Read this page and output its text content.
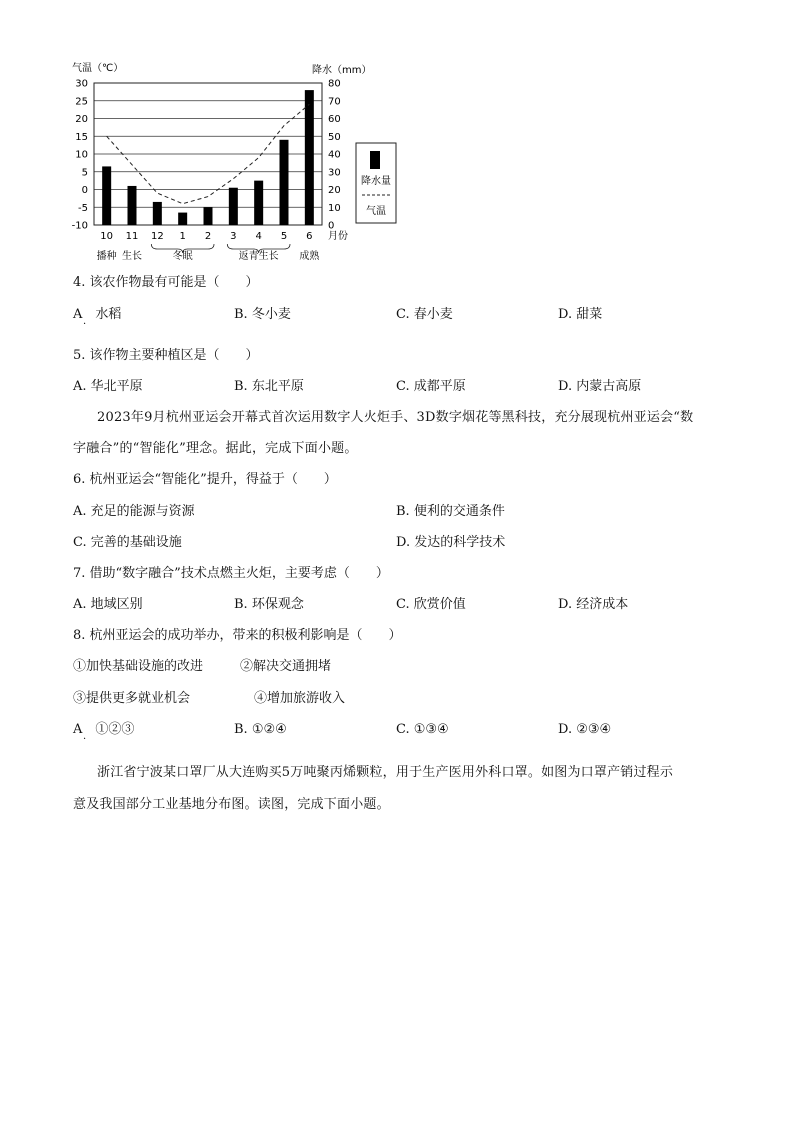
气温（℃）	降水（mm）
30
25
20
15
10
5
0
-5
-10
80
70
60
50
40
30
20
10
0
10 11 12 1 2 3 4 5 6 月份
播种 生长	冬眠	返青生长 成熟
降水量
气温
4. 该农作物最有可能是（　　）
A　水稻
·
B. 冬小麦	C. 春小麦	D. 甜菜
5. 该作物主要种植区是（　　）
A. 华北平原	B. 东北平原	C. 成都平原	D. 内蒙古高原
2023年9月杭州亚运会开幕式首次运用数字人火炬手、3D数字烟花等黑科技，充分展现杭州亚运会“数
字融合”的“智能化”理念。据此，完成下面小题。
6. 杭州亚运会“智能化”提升，得益于（　　）
A. 充足的能源与资源	B. 便利的交通条件
C. 完善的基础设施	D. 发达的科学技术
7. 借助“数字融合”技术点燃主火炬，主要考虑（　　）
A. 地域区别	B. 环保观念	C. 欣赏价值	D. 经济成本
8. 杭州亚运会的成功举办，带来的积极利影响是（　　）
①加快基础设施的改进	②解决交通拥堵
③提供更多就业机会	④增加旅游收入
A　①②③
·
B. ①②④	C. ①③④	D. ②③④
浙江省宁波某口罩厂从大连购买5万吨聚丙烯颗粒，用于生产医用外科口罩。如图为口罩产销过程示
意及我国部分工业基地分布图。读图，完成下面小题。
